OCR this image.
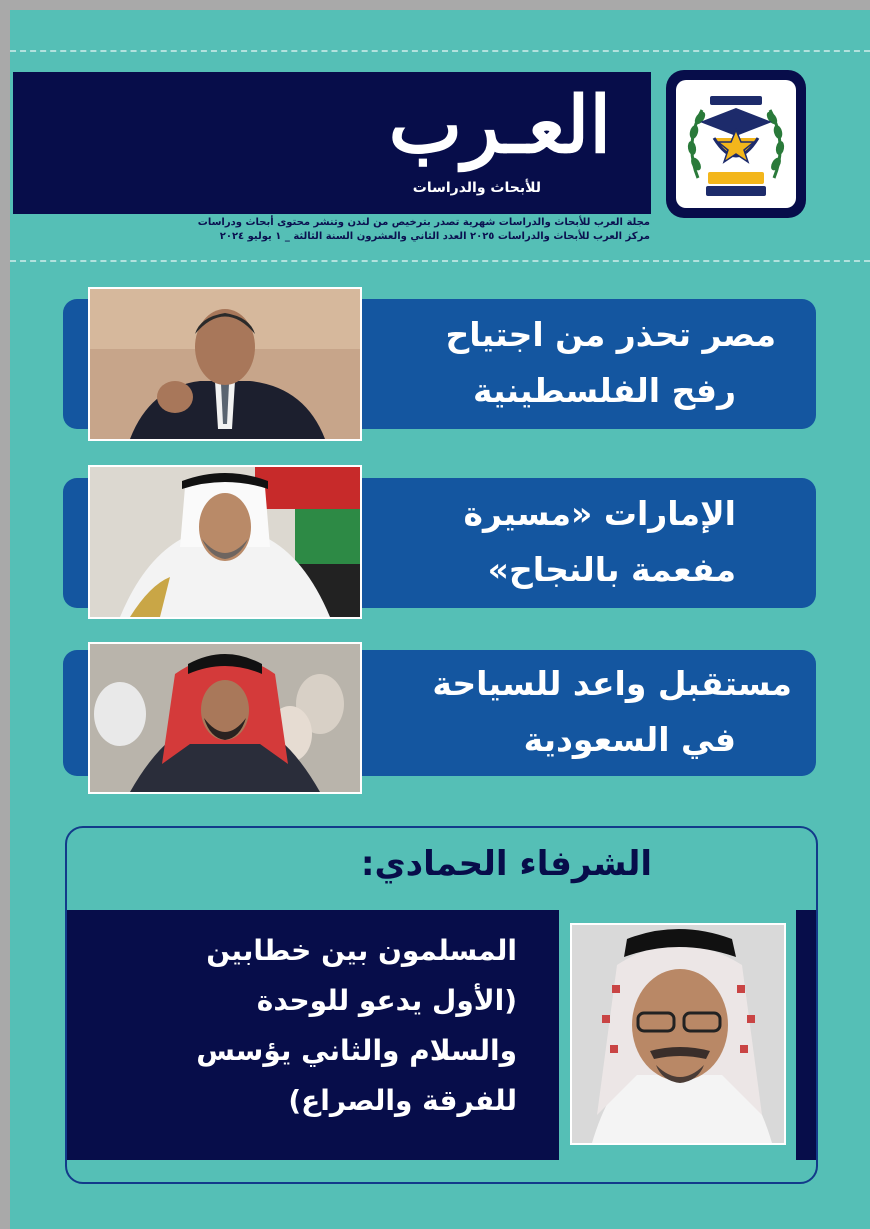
العـرب
للأبحاث والدراسات
مجلة العرب للأبحاث والدراسات شهرية تصدر بترخيص من لندن وتنشر محتوى أبحاث ودراسات
مركز العرب للأبحاث والدراسات ٢٠٢٥ العدد الثاني والعشرون السنة الثالثة _ ١ يوليو ٢٠٢٤
مصر تحذر من اجتياح
رفح الفلسطينية
الإمارات «مسيرة
مفعمة بالنجاح»
مستقبل واعد للسياحة
في السعودية
الشرفاء الحمادي:
المسلمون بين خطابين
(الأول يدعو للوحدة
والسلام والثاني يؤسس
للفرقة والصراع)
